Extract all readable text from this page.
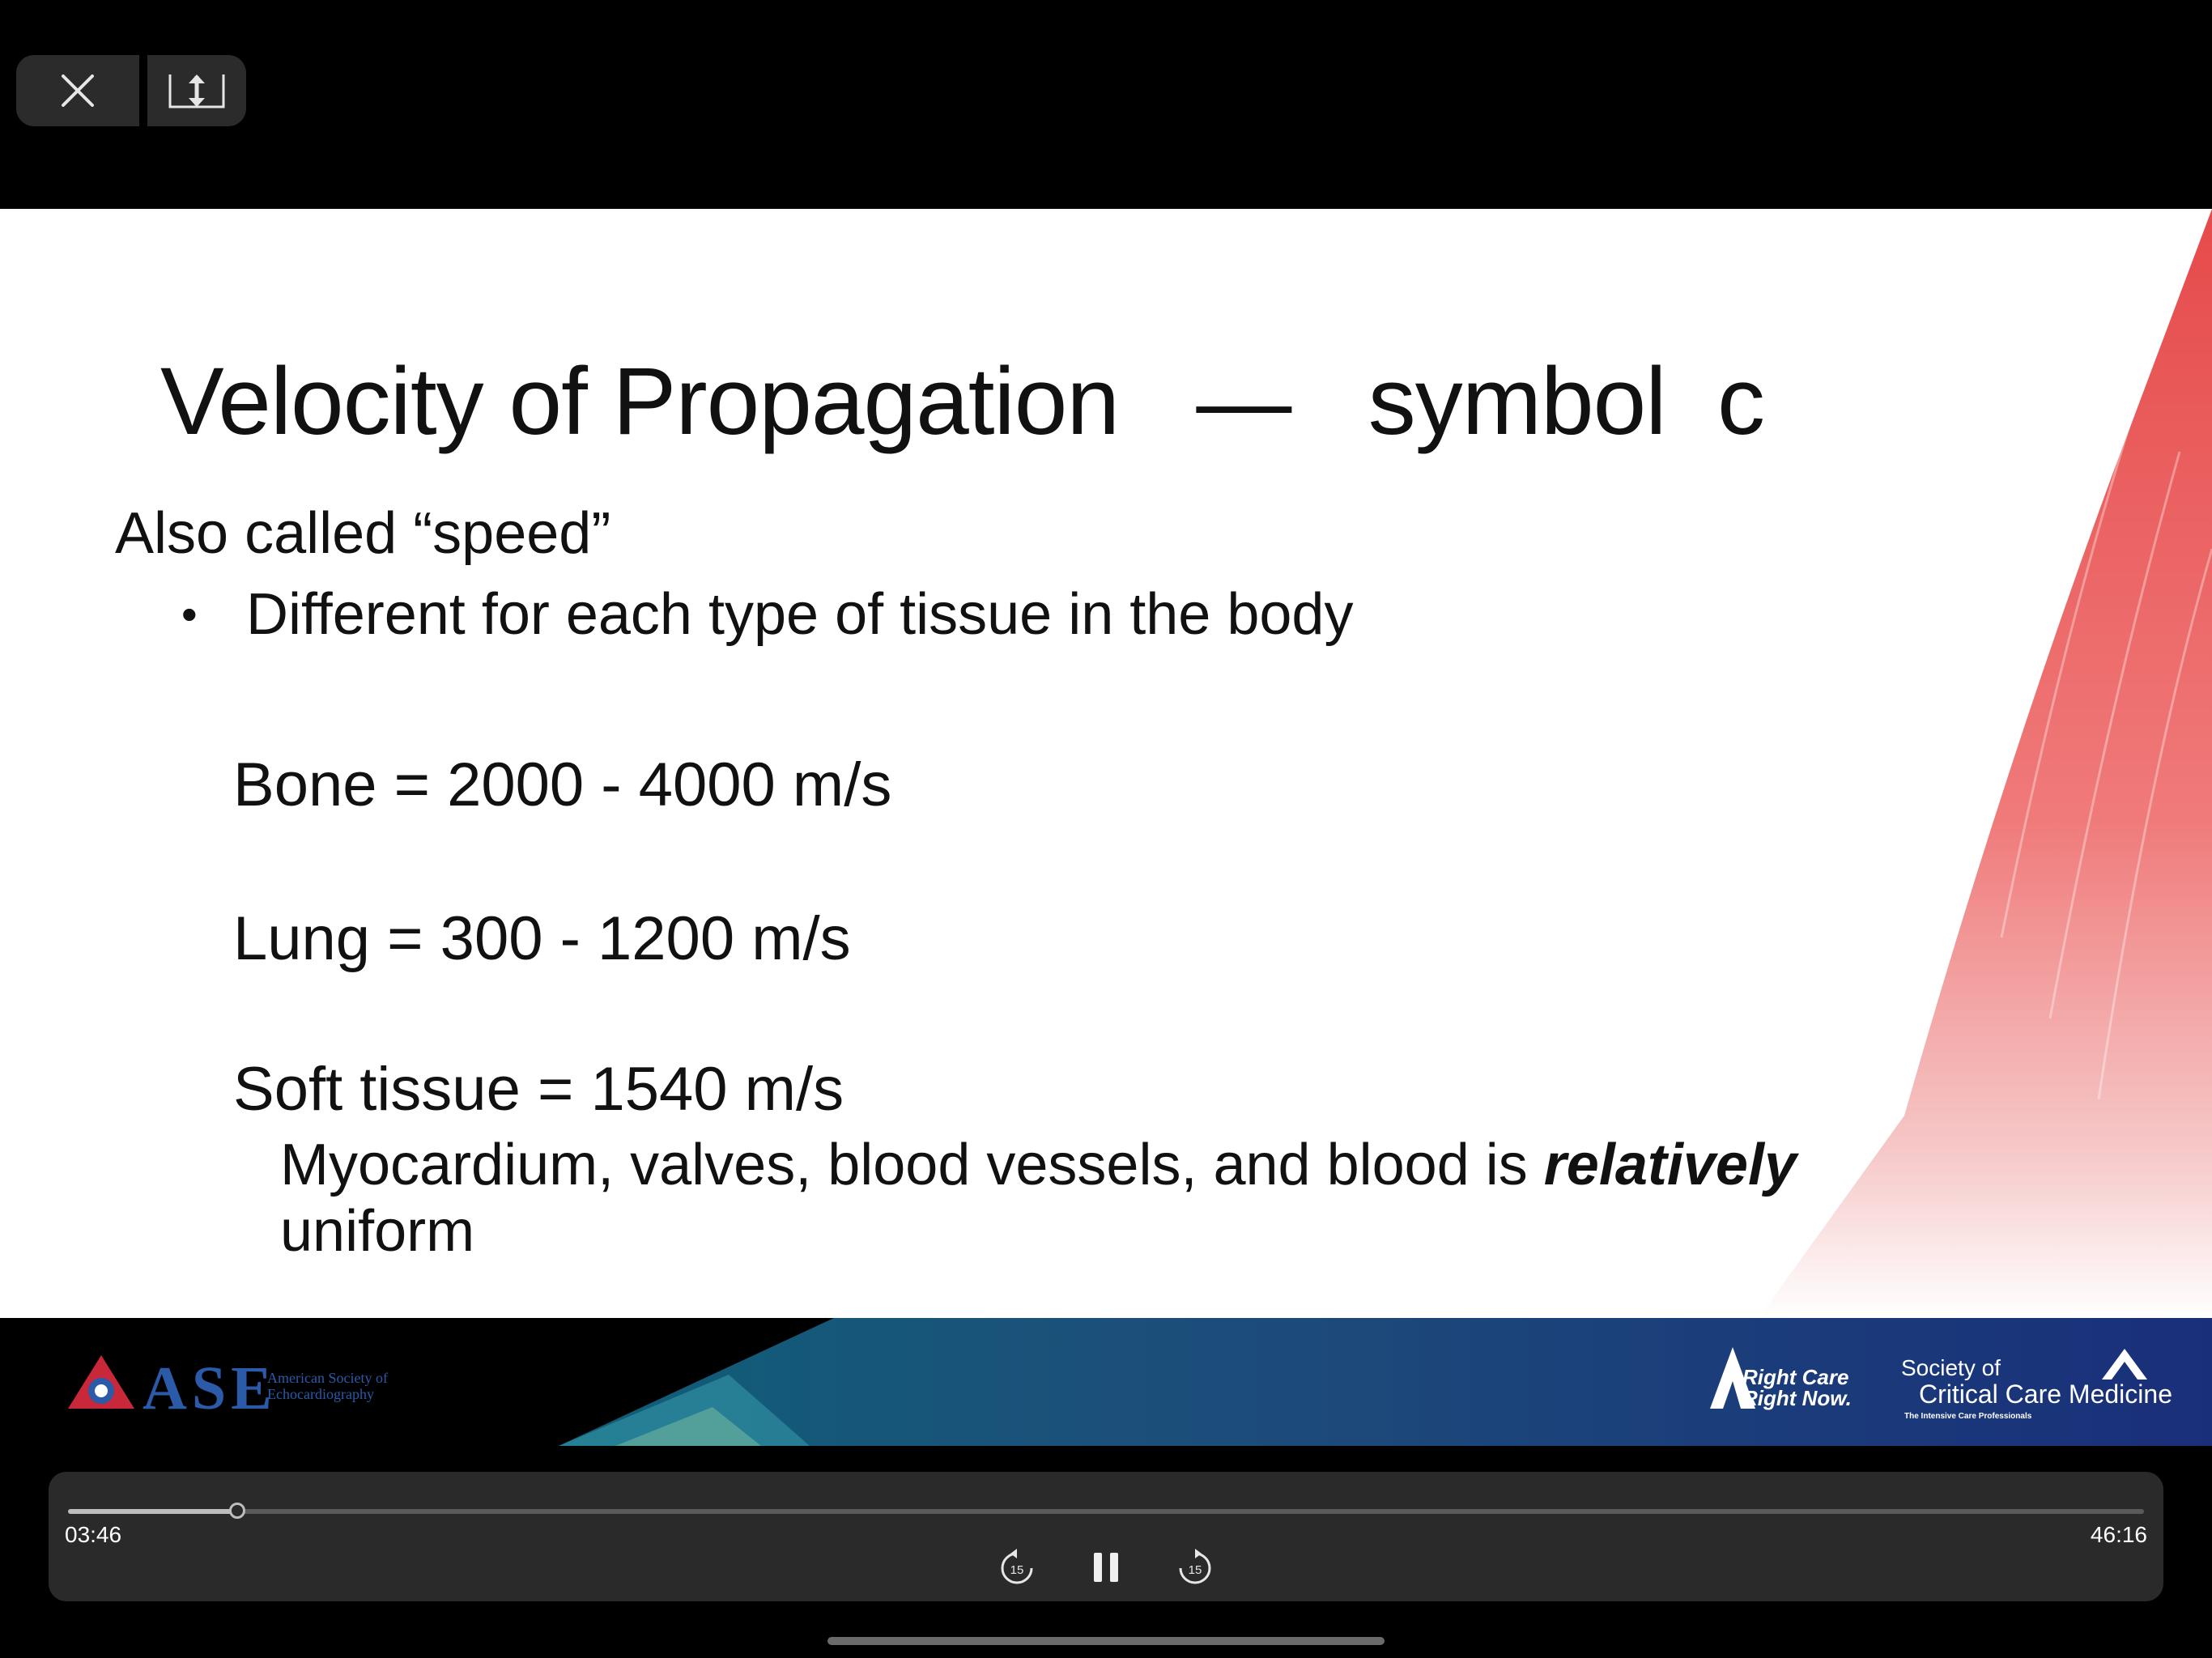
Velocity of Propagation   —   symbol  c
Also called “speed”
• Different for each type of tissue in the body
Bone = 2000 - 4000 m/s
Lung = 300 - 1200 m/s
Soft tissue = 1540 m/s
Myocardium, valves, blood vessels, and blood is relatively
uniform
ASE
American Society of Echocardiography
Right Care
Right Now.
Society of
Critical Care Medicine
The Intensive Care Professionals
03:46	46:16
15	15
